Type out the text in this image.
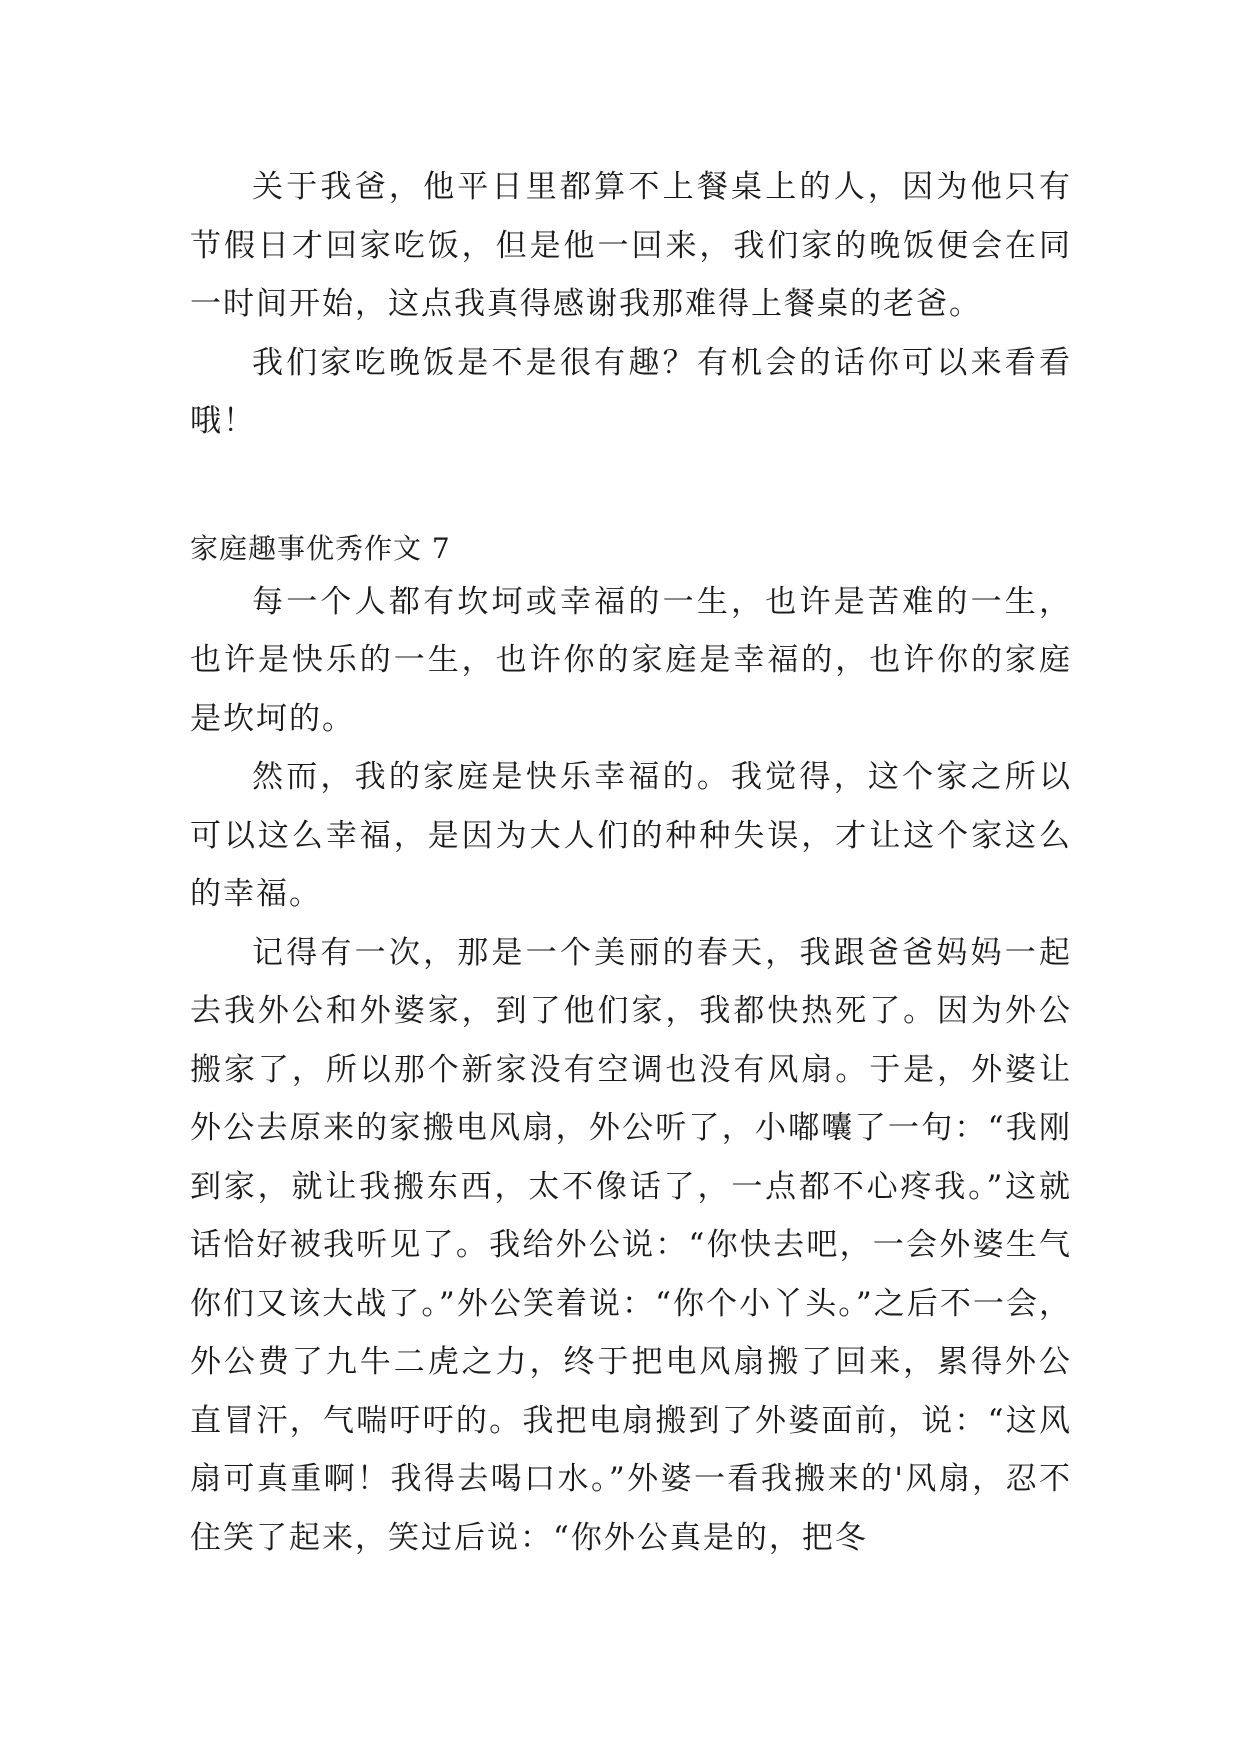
关于我爸，他平日里都算不上餐桌上的人，因为他只有节假日才回家吃饭，但是他一回来，我们家的晚饭便会在同一时间开始，这点我真得感谢我那难得上餐桌的老爸。

我们家吃晚饭是不是很有趣？有机会的话你可以来看看哦！

家庭趣事优秀作文 7

每一个人都有坎坷或幸福的一生，也许是苦难的一生，也许是快乐的一生，也许你的家庭是幸福的，也许你的家庭是坎坷的。

然而，我的家庭是快乐幸福的。我觉得，这个家之所以可以这么幸福，是因为大人们的种种失误，才让这个家这么的幸福。

记得有一次，那是一个美丽的春天，我跟爸爸妈妈一起去我外公和外婆家，到了他们家，我都快热死了。因为外公搬家了，所以那个新家没有空调也没有风扇。于是，外婆让外公去原来的家搬电风扇，外公听了，小嘟囔了一句：“我刚到家，就让我搬东西，太不像话了，一点都不心疼我。”这就话恰好被我听见了。我给外公说：“你快去吧，一会外婆生气你们又该大战了。”外公笑着说：“你个小丫头。”之后不一会，外公费了九牛二虎之力，终于把电风扇搬了回来，累得外公直冒汗，气喘吁吁的。我把电扇搬到了外婆面前，说：“这风扇可真重啊！我得去喝口水。”外婆一看我搬来的'风扇，忍不住笑了起来，笑过后说：“你外公真是的，把冬
